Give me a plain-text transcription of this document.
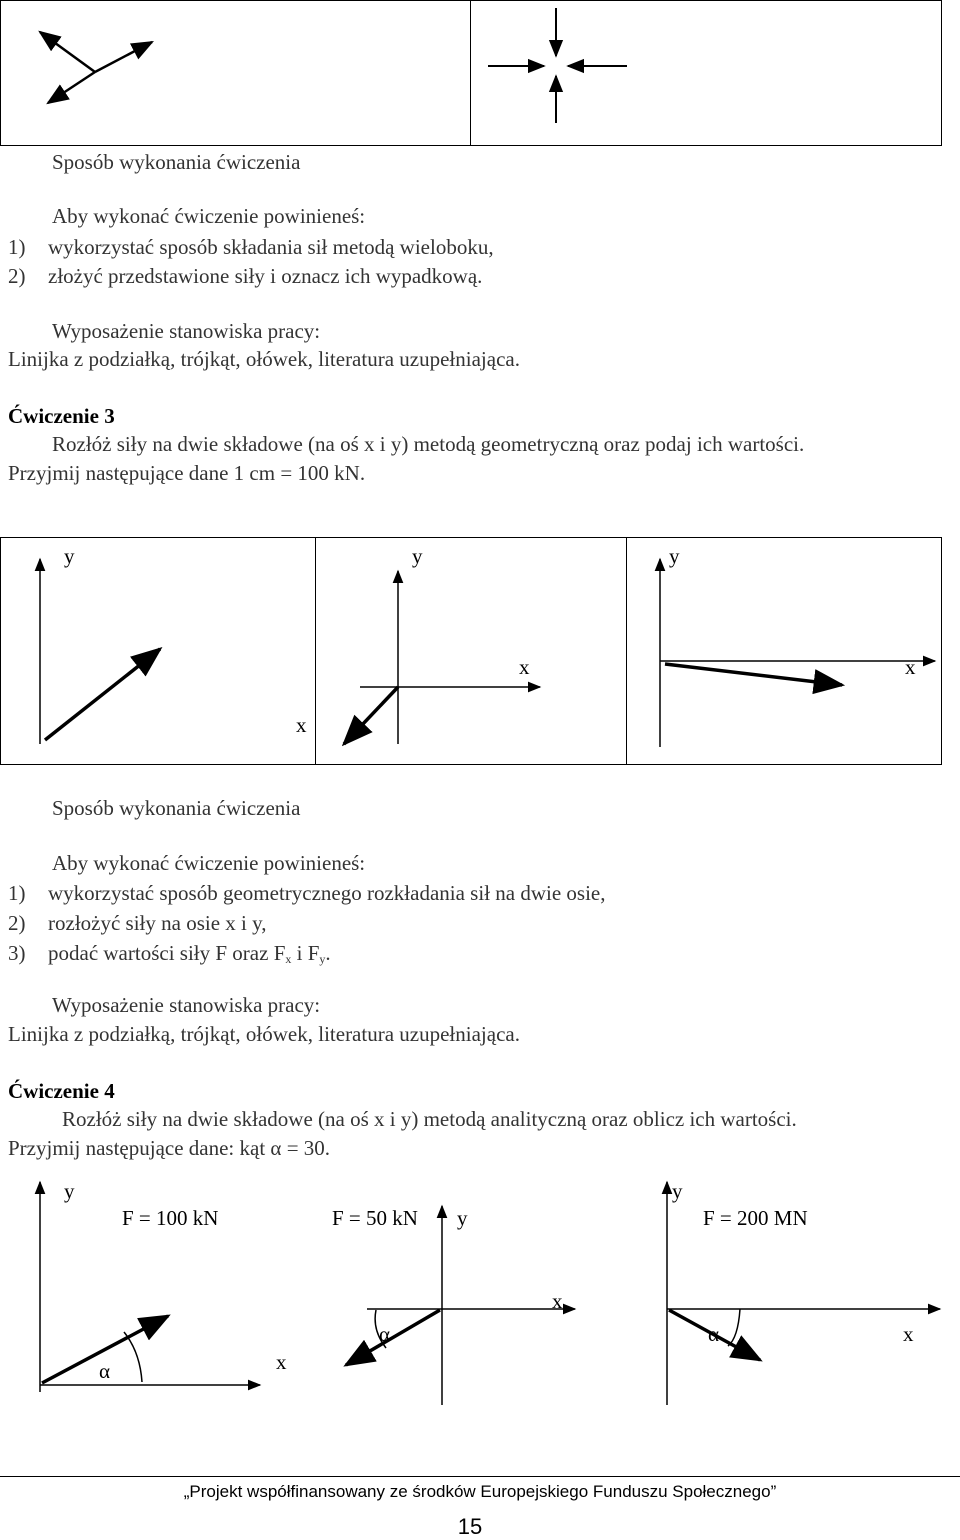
Sposób wykonania ćwiczenia
Aby wykonać ćwiczenie powinieneś:
1) wykorzystać sposób składania sił metodą wieloboku,
2) złożyć przedstawione siły i oznacz ich wypadkową.
Wyposażenie stanowiska pracy:
Linijka z podziałką, trójkąt, ołówek, literatura uzupełniająca.
Ćwiczenie 3
Rozłóż siły na dwie składowe (na oś x i y) metodą geometryczną oraz podaj ich wartości.
Przyjmij następujące dane 1 cm = 100 kN.
y	y	y
x	x
x
Sposób wykonania ćwiczenia
Aby wykonać ćwiczenie powinieneś:
1) wykorzystać sposób geometrycznego rozkładania sił na dwie osie,
2) rozłożyć siły na osie x i y,
3) podać wartości siły F oraz $F_x$ i $F_y$.
Wyposażenie stanowiska pracy:
Linijka z podziałką, trójkąt, ołówek, literatura uzupełniająca.
Ćwiczenie 4
Rozłóż siły na dwie składowe (na oś x i y) metodą analityczną oraz oblicz ich wartości.
Przyjmij następujące dane: kąt α = 30.
y
F = 100 kN	F = 50 kN y
y
F = 200 MN
x
α	α	x
x
α
„Projekt współfinansowany ze środków Europejskiego Funduszu Społecznego”
15
